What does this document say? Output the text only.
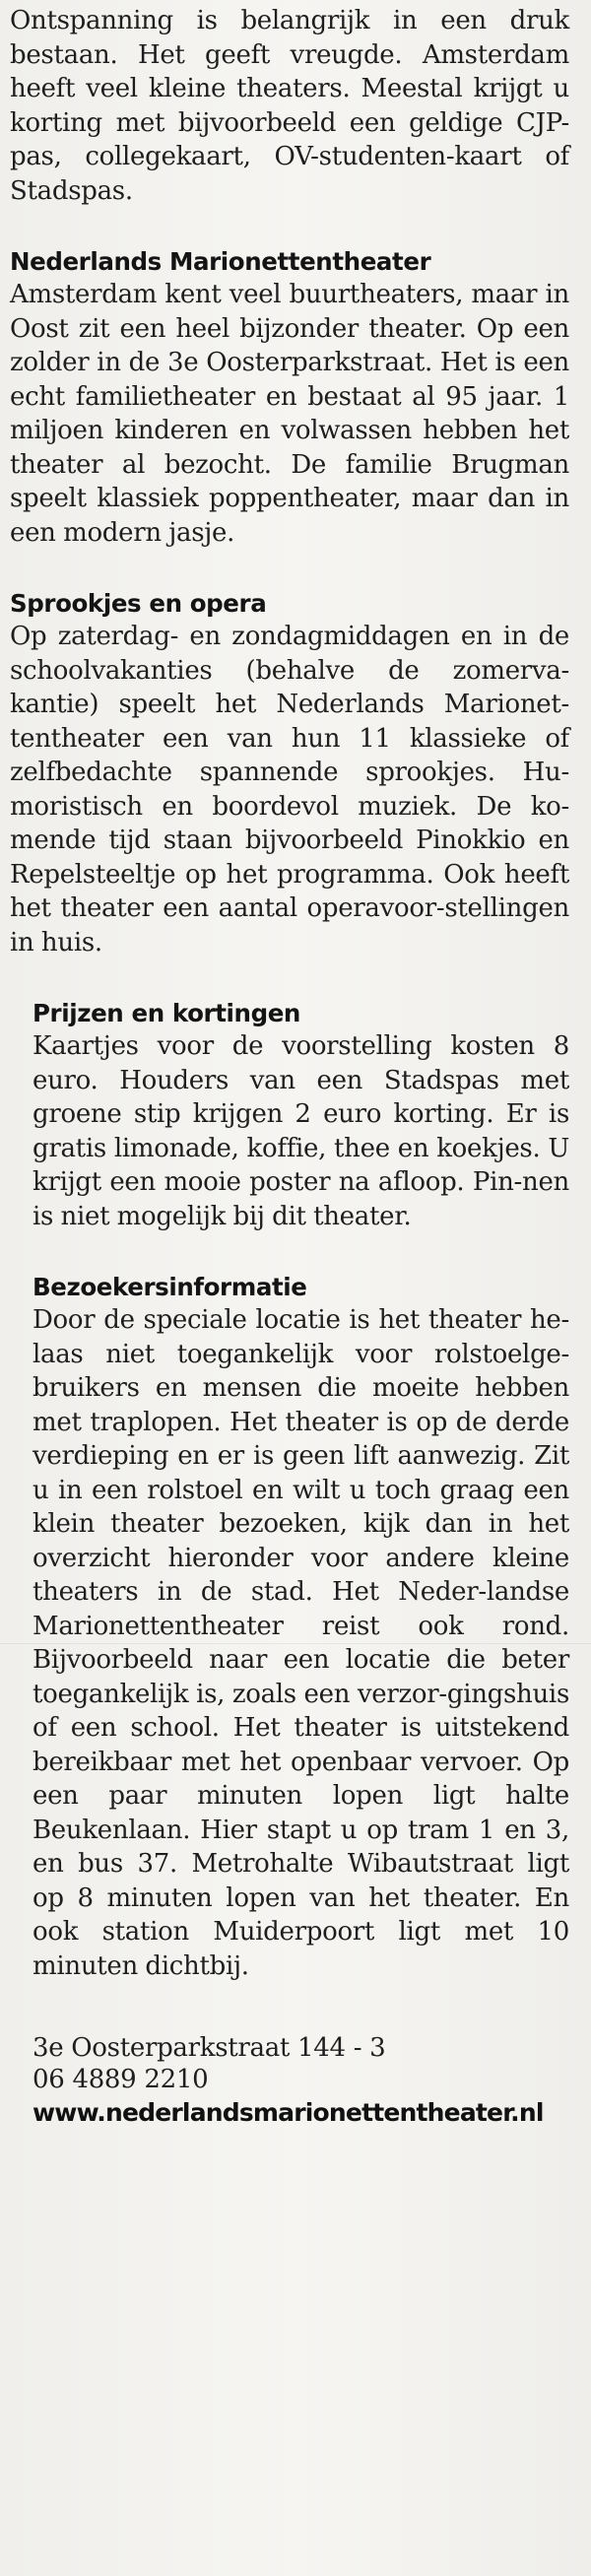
Ontspanning is belangrijk in een druk bestaan. Het geeft vreugde. Amsterdam heeft veel kleine theaters. Meestal krijgt u korting met bijvoorbeeld een geldige CJP-pas, collegekaart, OV-studenten-kaart of Stadspas.

Nederlands Marionettentheater

Amsterdam kent veel buurtheaters, maar in Oost zit een heel bijzonder theater. Op een zolder in de 3e Oosterparkstraat. Het is een echt familietheater en bestaat al 95 jaar. 1 miljoen kinderen en volwassen hebben het theater al bezocht. De familie Brugman speelt klassiek poppentheater, maar dan in een modern jasje.

Sprookjes en opera

Op zaterdag- en zondagmiddagen en in de schoolvakanties (behalve de zomerva-kantie) speelt het Nederlands Marionet-tentheater een van hun 11 klassieke of zelfbedachte spannende sprookjes. Hu-moristisch en boordevol muziek. De ko-mende tijd staan bijvoorbeeld Pinokkio en Repelsteeltje op het programma. Ook heeft het theater een aantal operavoor-stellingen in huis.

Prijzen en kortingen

Kaartjes voor de voorstelling kosten 8 euro. Houders van een Stadspas met groene stip krijgen 2 euro korting. Er is gratis limonade, koffie, thee en koekjes. U krijgt een mooie poster na afloop. Pin-nen is niet mogelijk bij dit theater.

Bezoekersinformatie

Door de speciale locatie is het theater he-laas niet toegankelijk voor rolstoelge-bruikers en mensen die moeite hebben met traplopen. Het theater is op de derde verdieping en er is geen lift aanwezig. Zit u in een rolstoel en wilt u toch graag een klein theater bezoeken, kijk dan in het overzicht hieronder voor andere kleine theaters in de stad. Het Neder-landse Marionettentheater reist ook rond. Bijvoorbeeld naar een locatie die beter toegankelijk is, zoals een verzor-gingshuis of een school. Het theater is uitstekend bereikbaar met het openbaar vervoer. Op een paar minuten lopen ligt halte Beukenlaan. Hier stapt u op tram 1 en 3, en bus 37. Metrohalte Wibautstraat ligt op 8 minuten lopen van het theater. En ook station Muiderpoort ligt met 10 minuten dichtbij.

3e Oosterparkstraat 144 - 3
06 4889 2210
www.nederlandsmarionettentheater.nl
